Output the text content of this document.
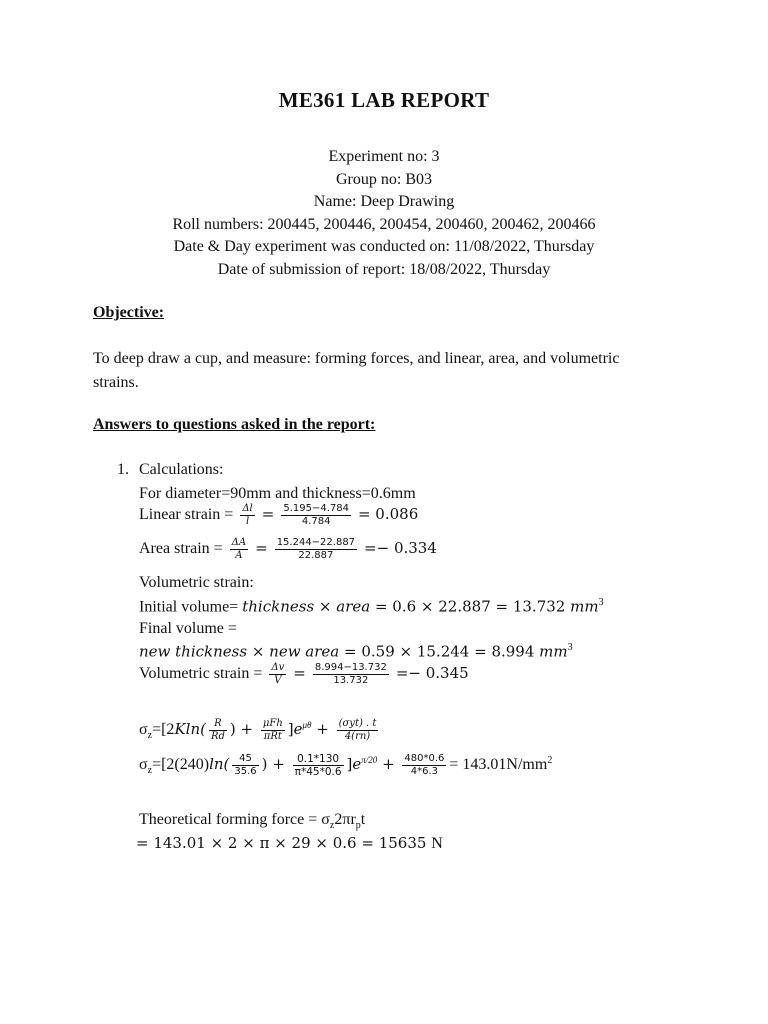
ME361 LAB REPORT
Experiment no: 3
Group no: B03
Name: Deep Drawing
Roll numbers: 200445, 200446, 200454, 200460, 200462, 200466
Date & Day experiment was conducted on: 11/08/2022, Thursday
Date of submission of report: 18/08/2022, Thursday
Objective:
To deep draw a cup, and measure: forming forces, and linear, area, and volumetric strains.
Answers to questions asked in the report:
1. Calculations:
For diameter=90mm and thickness=0.6mm
Linear strain = $\frac{\Delta l}{l} = \frac{5.195-4.784}{4.784} = 0.086$
Area strain = $\frac{\Delta A}{A} = \frac{15.244-22.887}{22.887} =- 0.334$
Volumetric strain:
Initial volume= thickness × area = 0.6 × 22.887 = 13.732 $mm^3$
Final volume =
new thickness × new area = 0.59 × 15.244 = 8.994 $mm^3$
Volumetric strain = $\frac{\Delta v}{V} = \frac{8.994-13.732}{13.732} =- 0.345$
$\sigma_z=[2Kln( \frac{R}{Rd}$ ) + $\frac{\text{μFh}}{\text{πRt}} ]e^{\mu\theta} + \frac{\text{(σyt) . t}}{4(rn)}$
$\sigma_z=[2(240)\ln( \frac{45}{35.6}$ ) + $\frac{0.1*130}{\pi*45*0.6} ]e^{\pi/20} + \frac{480*0.6}{4*6.3} = 143.01N/mm^2$
Theoretical forming force = $\sigma_z2\pi r_pt$
= 143.01 × 2 × π × 29 × 0.6 = 15635 N
